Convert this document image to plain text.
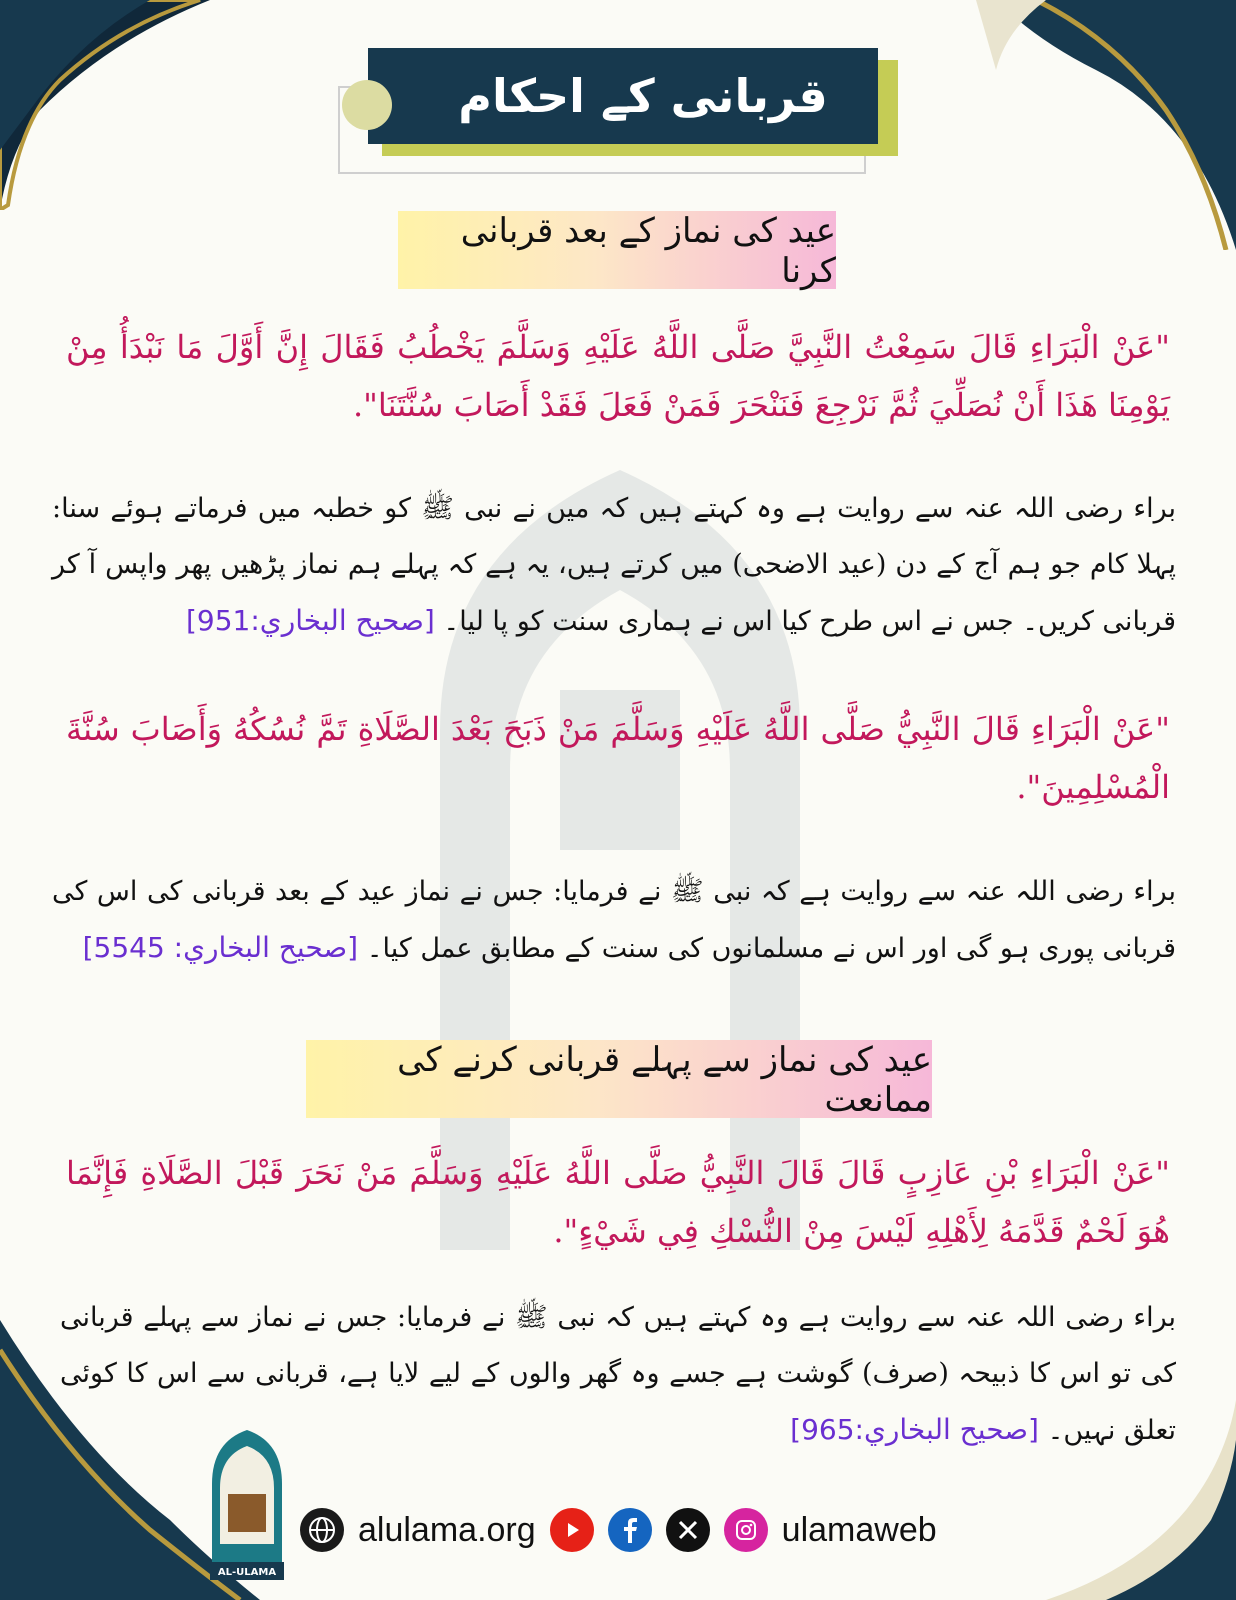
قربانی کے احکام
عید کی نماز کے بعد قربانی کرنا

"عَنْ الْبَرَاءِ قَالَ سَمِعْتُ النَّبِيَّ صَلَّى اللَّهُ عَلَيْهِ وَسَلَّمَ يَخْطُبُ فَقَالَ إِنَّ أَوَّلَ مَا نَبْدَأُ مِنْ يَوْمِنَا هَذَا أَنْ نُصَلِّيَ ثُمَّ نَرْجِعَ فَنَنْحَرَ فَمَنْ فَعَلَ فَقَدْ أَصَابَ سُنَّتَنَا".

براء رضی اللہ عنہ سے روایت ہے وہ کہتے ہیں کہ میں نے نبی ﷺ کو خطبہ میں فرماتے ہوئے سنا: پہلا کام جو ہم آج کے دن (عید الاضحی) میں کرتے ہیں، یہ ہے کہ پہلے ہم نماز پڑھیں پھر واپس آ کر قربانی کریں۔ جس نے اس طرح کیا اس نے ہماری سنت کو پا لیا۔ [صحيح البخاري:951]

"عَنْ الْبَرَاءِ قَالَ النَّبِيُّ صَلَّى اللَّهُ عَلَيْهِ وَسَلَّمَ مَنْ ذَبَحَ بَعْدَ الصَّلَاةِ تَمَّ نُسُكُهُ وَأَصَابَ سُنَّةَ الْمُسْلِمِينَ".

براء رضی اللہ عنہ سے روایت ہے کہ نبی ﷺ نے فرمایا: جس نے نماز عید کے بعد قربانی کی اس کی قربانی پوری ہو گی اور اس نے مسلمانوں کی سنت کے مطابق عمل کیا۔ [صحيح البخاري: 5545]

عید کی نماز سے پہلے قربانی کرنے کی ممانعت

"عَنْ الْبَرَاءِ بْنِ عَازِبٍ قَالَ قَالَ النَّبِيُّ صَلَّى اللَّهُ عَلَيْهِ وَسَلَّمَ مَنْ نَحَرَ قَبْلَ الصَّلَاةِ فَإِنَّمَا هُوَ لَحْمٌ قَدَّمَهُ لِأَهْلِهِ لَيْسَ مِنْ النُّسْكِ فِي شَيْءٍ".

براء رضی اللہ عنہ سے روایت ہے وہ کہتے ہیں کہ نبی ﷺ نے فرمایا: جس نے نماز سے پہلے قربانی کی تو اس کا ذبیحہ (صرف) گوشت ہے جسے وہ گھر والوں کے لیے لایا ہے، قربانی سے اس کا کوئی تعلق نہیں۔ [صحيح البخاري:965]

AL-ULAMA
alulama.org	ulamaweb
